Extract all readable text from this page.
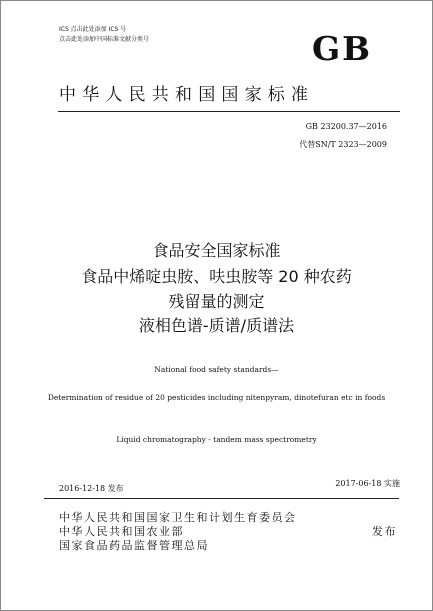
ICS 点击此处添加 ICS 号
点击此处添加中国标准文献分类号	GB
中华人民共和国国家标准
GB 23200.37—2016
代替SN/T 2323—2009
食品安全国家标准
食品中烯啶虫胺、呋虫胺等 20 种农药
残留量的测定
液相色谱-质谱/质谱法
National food safety standards—
Determination of residue of 20 pesticides including nitenpyram, dinotefuran etc in foods
Liquid chromatography - tandem mass spectrometry
2016-12-18 发布
2017-06-18 实施
中华人民共和国国家卫生和计划生育委员会
中华人民共和国农业部
国家食品药品监督管理总局
发布
